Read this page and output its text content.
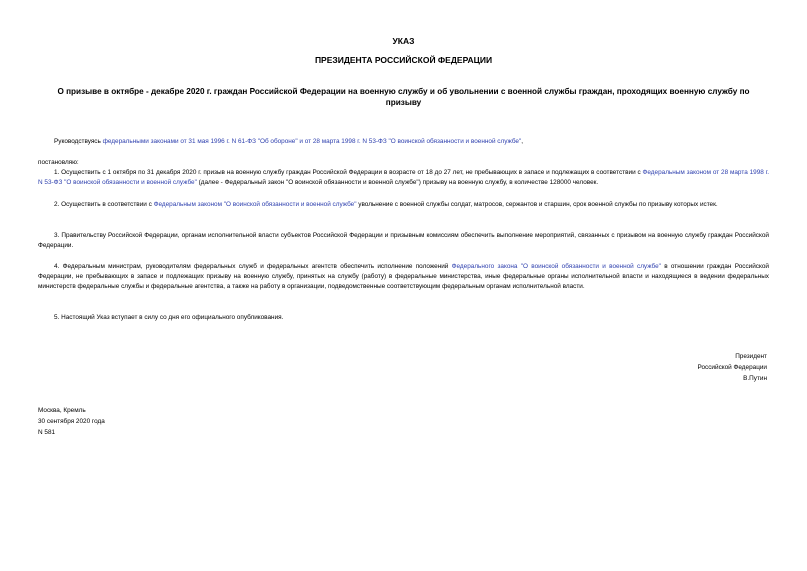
УКАЗ
ПРЕЗИДЕНТА РОССИЙСКОЙ ФЕДЕРАЦИИ
О призыве в октябре - декабре 2020 г. граждан Российской Федерации на военную службу и об увольнении с военной службы граждан, проходящих военную службу по призыву
Руководствуясь федеральными законами от 31 мая 1996 г. N 61-ФЗ "Об обороне" и от 28 марта 1998 г. N 53-ФЗ "О воинской обязанности и военной службе",
постановляю:
1. Осуществить с 1 октября по 31 декабря 2020 г. призыв на военную службу граждан Российской Федерации в возрасте от 18 до 27 лет, не пребывающих в запасе и подлежащих в соответствии с Федеральным законом от 28 марта 1998 г. N 53-ФЗ "О воинской обязанности и военной службе" (далее - Федеральный закон "О воинской обязанности и военной службе") призыву на военную службу, в количестве 128000 человек.
2. Осуществить в соответствии с Федеральным законом "О воинской обязанности и военной службе" увольнение с военной службы солдат, матросов, сержантов и старшин, срок военной службы по призыву которых истек.
3. Правительству Российской Федерации, органам исполнительной власти субъектов Российской Федерации и призывным комиссиям обеспечить выполнение мероприятий, связанных с призывом на военную службу граждан Российской Федерации.
4. Федеральным министрам, руководителям федеральных служб и федеральных агентств обеспечить исполнение положений Федерального закона "О воинской обязанности и военной службе" в отношении граждан Российской Федерации, не пребывающих в запасе и подлежащих призыву на военную службу, принятых на службу (работу) в федеральные министерства, иные федеральные органы исполнительной власти и находящиеся в ведении федеральных министерств федеральные службы и федеральные агентства, а также на работу в организации, подведомственные соответствующим федеральным органам исполнительной власти.
5. Настоящий Указ вступает в силу со дня его официального опубликования.
Президент
Российской Федерации
В.Путин
Москва, Кремль
30 сентября 2020 года
N 581
